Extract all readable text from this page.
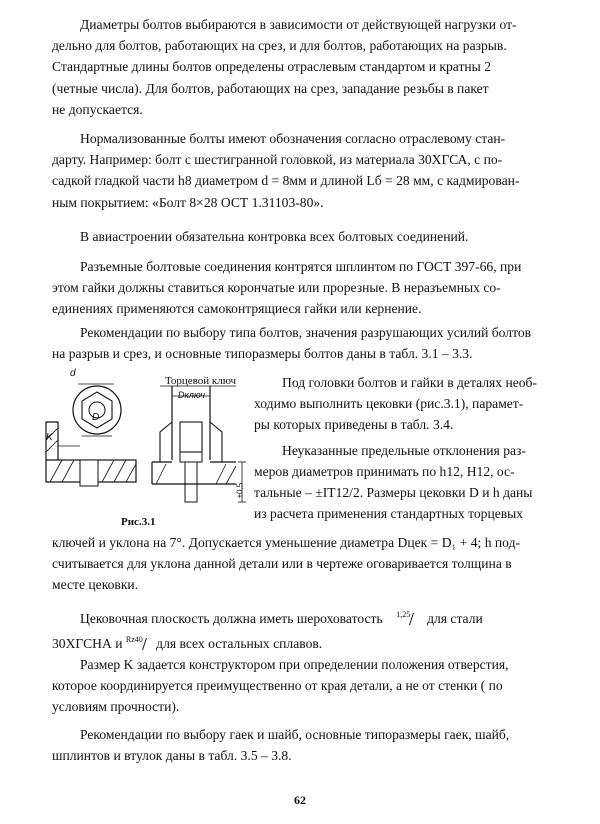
Диаметры болтов выбираются в зависимости от действующей нагрузки от-
дельно для болтов, работающих на срез, и для болтов, работающих на разрыв.
Стандартные длины болтов определены отраслевым стандартом и кратны 2
(четные числа). Для болтов, работающих на срез, западание резьбы в пакет
не допускается.
Нормализованные болты имеют обозначения согласно отраслевому стан-
дарту. Например: болт с шестигранной головкой, из материала 30ХГСА, с по-
садкой гладкой части h8 диаметром d = 8мм и длиной Lб = 28 мм, с кадмирован-
ным покрытием: «Болт 8×28 ОСТ 1.31103-80».
В авиастроении обязательна контровка всех болтовых соединений.
Разъемные болтовые соединения контрятся шплинтом по ГОСТ 397-66, при
этом гайки должны ставиться корончатые или прорезные. В неразъемных со-
единениях применяются самоконтрящиеся гайки или кернение.
Рекомендации по выбору типа болтов, значения разрушающих усилий болтов
на разрыв и срез, и основные типоразмеры болтов даны в табл. 3.1 – 3.3.
d
D
K
Торцевой ключ
Dключ
±0,5
Рис.3.1
Под головки болтов и гайки в деталях необ-
ходимо выполнить цековки (рис.3.1), парамет-
ры которых приведены в табл. 3.4.
Неуказанные предельные отклонения раз-
меров диаметров принимать по h12, H12, ос-
тальные – ±IT12/2. Размеры цековки D и h даны
из расчета применения стандартных торцевых
ключей и уклона на 7°. Допускается уменьшение диаметра Dцек = D₁ + 4; h под-
считывается для уклона данной детали или в чертеже оговаривается толщина в
месте цековки.
Цековочная плоскость должна иметь шероховатость $^{1,25}$ для стали
30ХГСНА и $^{Rz40}$ для всех остальных сплавов.
Размер K задается конструктором при определении положения отверстия,
которое координируется преимущественно от края детали, а не от стенки ( по
условиям прочности).
Рекомендации по выбору гаек и шайб, основные типоразмеры гаек, шайб,
шплинтов и втулок даны в табл. 3.5 – 3.8.
62
